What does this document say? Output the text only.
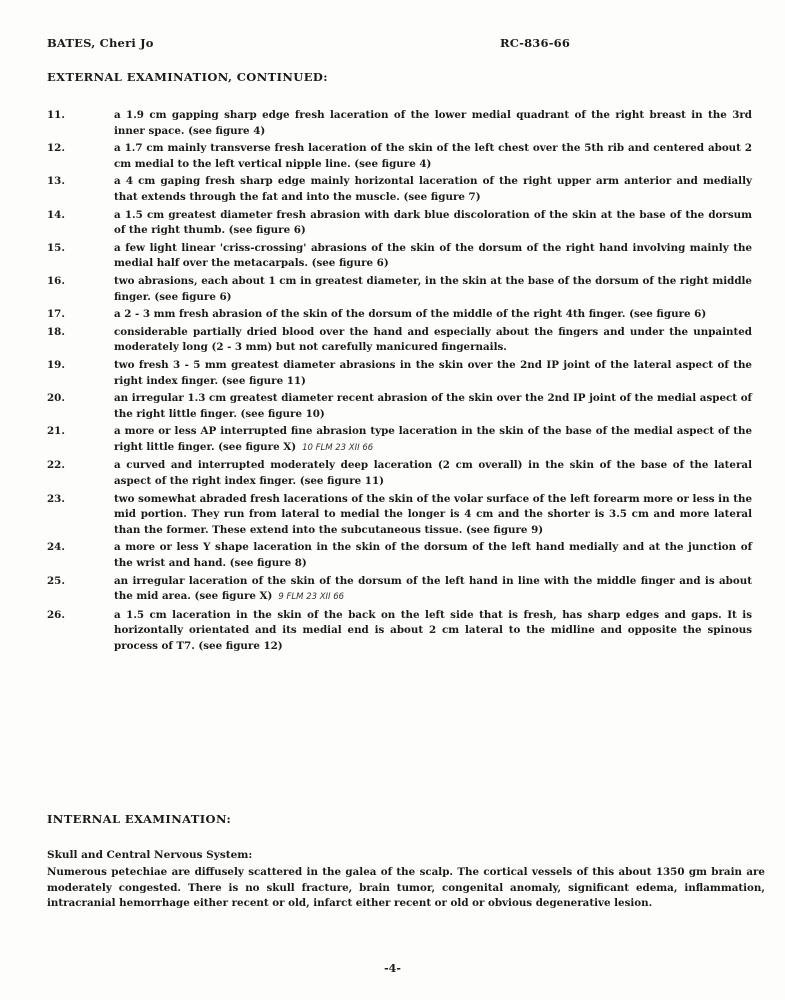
BATES, Cheri Jo	RC-836-66
EXTERNAL EXAMINATION, CONTINUED:
11.	a 1.9 cm gapping sharp edge fresh laceration of the lower medial quadrant of the right breast in the 3rd inner space. (see figure 4)
12.	a 1.7 cm mainly transverse fresh laceration of the skin of the left chest over the 5th rib and centered about 2 cm medial to the left vertical nipple line. (see figure 4)
13.	a 4 cm gaping fresh sharp edge mainly horizontal laceration of the right upper arm anterior and medially that extends through the fat and into the muscle. (see figure 7)
14.	a 1.5 cm greatest diameter fresh abrasion with dark blue discoloration of the skin at the base of the dorsum of the right thumb. (see figure 6)
15.	a few light linear 'criss-crossing' abrasions of the skin of the dorsum of the right hand involving mainly the medial half over the metacarpals. (see figure 6)
16.	two abrasions, each about 1 cm in greatest diameter, in the skin at the base of the dorsum of the right middle finger. (see figure 6)
17.	a 2 - 3 mm fresh abrasion of the skin of the dorsum of the middle of the right 4th finger. (see figure 6)
18.	considerable partially dried blood over the hand and especially about the fingers and under the unpainted moderately long (2 - 3 mm) but not carefully manicured fingernails.
19.	two fresh 3 - 5 mm greatest diameter abrasions in the skin over the 2nd IP joint of the lateral aspect of the right index finger. (see figure 11)
20.	an irregular 1.3 cm greatest diameter recent abrasion of the skin over the 2nd IP joint of the medial aspect of the right little finger. (see figure 10)
21.	a more or less AP interrupted fine abrasion type laceration in the skin of the base of the medial aspect of the right little finger. (see figure X) 10 FLM 23 XII 66
22.	a curved and interrupted moderately deep laceration (2 cm overall) in the skin of the base of the lateral aspect of the right index finger. (see figure 11)
23.	two somewhat abraded fresh lacerations of the skin of the volar surface of the left forearm more or less in the mid portion. They run from lateral to medial the longer is 4 cm and the shorter is 3.5 cm and more lateral than the former. These extend into the subcutaneous tissue. (see figure 9)
24.	a more or less Y shape laceration in the skin of the dorsum of the left hand medially and at the junction of the wrist and hand. (see figure 8)
25.	an irregular laceration of the skin of the dorsum of the left hand in line with the middle finger and is about the mid area. (see figure X) 9 FLM 23 XII 66
26.	a 1.5 cm laceration in the skin of the back on the left side that is fresh, has sharp edges and gaps. It is horizontally orientated and its medial end is about 2 cm lateral to the midline and opposite the spinous process of T7. (see figure 12)
INTERNAL EXAMINATION:
Skull and Central Nervous System:
Numerous petechiae are diffusely scattered in the galea of the scalp. The cortical vessels of this about 1350 gm brain are moderately congested. There is no skull fracture, brain tumor, congenital anomaly, significant edema, inflammation, intracranial hemorrhage either recent or old, infarct either recent or old or obvious degenerative lesion.
-4-
